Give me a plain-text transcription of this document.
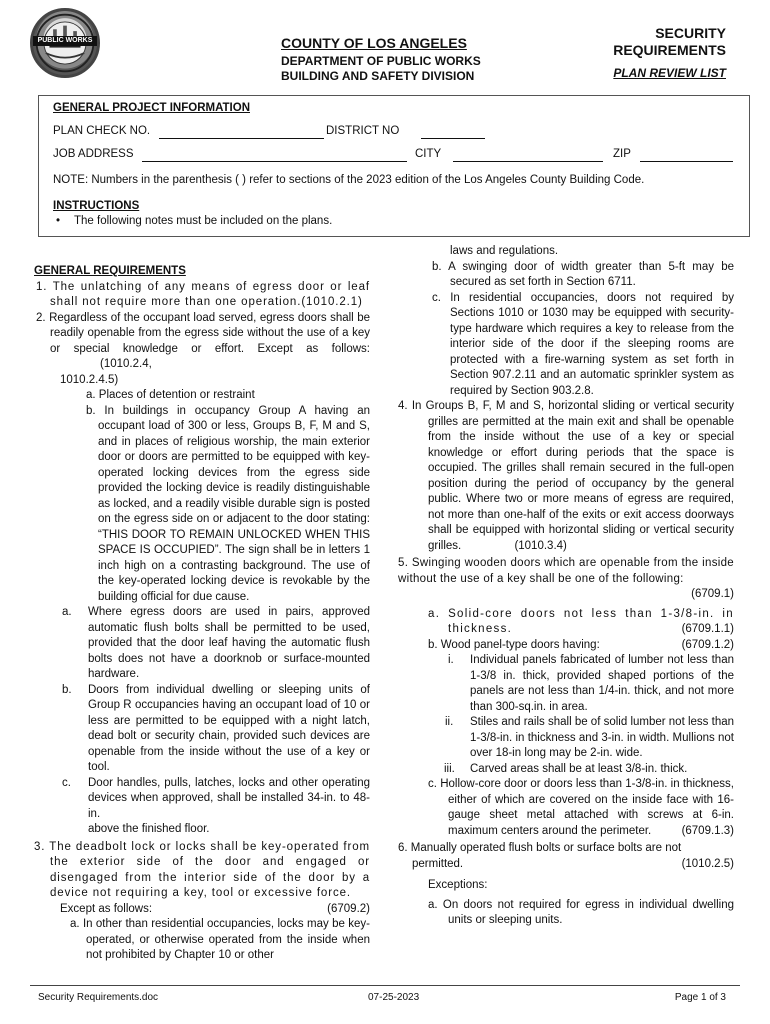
PUBLIC WORKS	COUNTY OF LOS ANGELES
DEPARTMENT OF PUBLIC WORKS
BUILDING AND SAFETY DIVISION
SECURITY
REQUIREMENTS
PLAN REVIEW LIST
GENERAL PROJECT INFORMATION
PLAN CHECK NO.	DISTRICT NO
JOB ADDRESS	CITY	ZIP
NOTE: Numbers in the parenthesis ( ) refer to sections of the 2023 edition of the Los Angeles County Building Code.
INSTRUCTIONS
• The following notes must be included on the plans.

GENERAL REQUIREMENTS

1. The unlatching of any means of egress door or leaf shall not require more than one operation.(1010.2.1)

2. Regardless of the occupant load served, egress doors shall be readily openable from the egress side without the use of a key or special knowledge or effort. Except as follows: (1010.2.4,

1010.2.4.5)

a. Places of detention or restraint

b. In buildings in occupancy Group A having an occupant load of 300 or less, Groups B, F, M and S, and in places of religious worship, the main exterior door or doors are permitted to be equipped with key-operated locking devices from the egress side provided the locking device is readily distinguishable as locked, and a readily visible durable sign is posted on the egress side on or adjacent to the door stating: “THIS DOOR TO REMAIN UNLOCKED WHEN THIS SPACE IS OCCUPIED”. The sign shall be in letters 1 inch high on a contrasting background. The use of the key-operated locking device is revokable by the building official for due cause.

a. Where egress doors are used in pairs, approved automatic flush bolts shall be permitted to be used, provided that the door leaf having the automatic flush bolts does not have a doorknob or surface-mounted hardware.

b. Doors from individual dwelling or sleeping units of Group R occupancies having an occupant load of 10 or less are permitted to be equipped with a night latch, dead bolt or security chain, provided such devices are openable from the inside without the use of a key or tool.

c. Door handles, pulls, latches, locks and other operating devices when approved, shall be installed 34-in. to 48-in.

above the finished floor.

3. The deadbolt lock or locks shall be key-operated from the exterior side of the door and engaged or disengaged from the interior side of the door by a device not requiring a key, tool or excessive force.

Except as follows:	(6709.2)

a. In other than residential occupancies, locks may be key-operated, or otherwise operated from the inside when not prohibited by Chapter 10 or other

laws and regulations.

b. A swinging door of width greater than 5-ft may be secured as set forth in Section 6711.

c. In residential occupancies, doors not required by Sections 1010 or 1030 may be equipped with security-type hardware which requires a key to release from the interior side of the door if the sleeping rooms are protected with a fire-warning system as set forth in Section 907.2.11 and an automatic sprinkler system as required by Section 903.2.8.

4. In Groups B, F, M and S, horizontal sliding or vertical security grilles are permitted at the main exit and shall be openable from the inside without the use of a key or special knowledge or effort during periods that the space is occupied. The grilles shall remain secured in the full-open position during the period of occupancy by the general public. Where two or more means of egress are required, not more than one-half of the exits or exit access doorways shall be equipped with horizontal sliding or vertical security grilles.	(1010.3.4)

5. Swinging wooden doors which are openable from the inside without the use of a key shall be one of the following:

(6709.1)

a. Solid-core doors not less than 1-3/8-in. in thickness.	(6709.1.1)

b. Wood panel-type doors having:	(6709.1.2)

i. Individual panels fabricated of lumber not less than 1-3/8 in. thick, provided shaped portions of the panels are not less than 1/4-in. thick, and not more than 300-sq.in. in area.

ii. Stiles and rails shall be of solid lumber not less than 1-3/8-in. in thickness and 3-in. in width. Mullions not over 18-in long may be 2-in. wide.

iii. Carved areas shall be at least 3/8-in. thick.

c. Hollow-core door or doors less than 1-3/8-in. in thickness, either of which are covered on the inside face with 16-gauge sheet metal attached with screws at 6-in. maximum centers around the perimeter.	(6709.1.3)

6. Manually operated flush bolts or surface bolts are not permitted.	(1010.2.5)

Exceptions:

a. On doors not required for egress in individual dwelling units or sleeping units.

Security Requirements.doc	07-25-2023	Page 1 of 3
